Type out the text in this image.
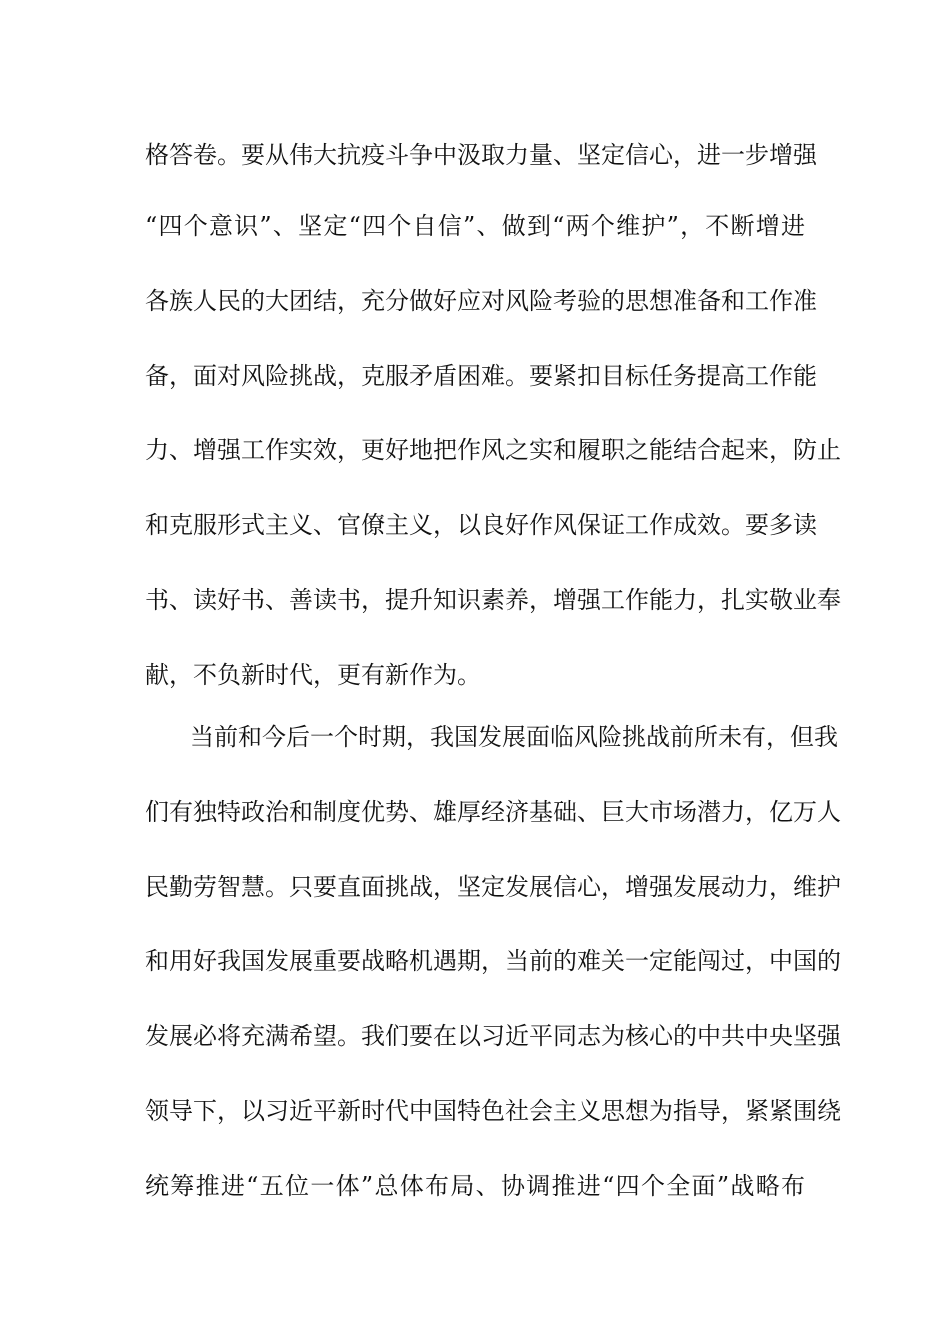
格答卷。要从伟大抗疫斗争中汲取力量、坚定信心，进一步增强
“四个意识”、坚定“四个自信”、做到“两个维护”，不断增进
各族人民的大团结，充分做好应对风险考验的思想准备和工作准
备，面对风险挑战，克服矛盾困难。要紧扣目标任务提高工作能
力、增强工作实效，更好地把作风之实和履职之能结合起来，防止
和克服形式主义、官僚主义，以良好作风保证工作成效。要多读
书、读好书、善读书，提升知识素养，增强工作能力，扎实敬业奉
献，不负新时代，更有新作为。
当前和今后一个时期，我国发展面临风险挑战前所未有，但我
们有独特政治和制度优势、雄厚经济基础、巨大市场潜力，亿万人
民勤劳智慧。只要直面挑战，坚定发展信心，增强发展动力，维护
和用好我国发展重要战略机遇期，当前的难关一定能闯过，中国的
发展必将充满希望。我们要在以习近平同志为核心的中共中央坚强
领导下，以习近平新时代中国特色社会主义思想为指导，紧紧围绕
统筹推进“五位一体”总体布局、协调推进“四个全面”战略布
